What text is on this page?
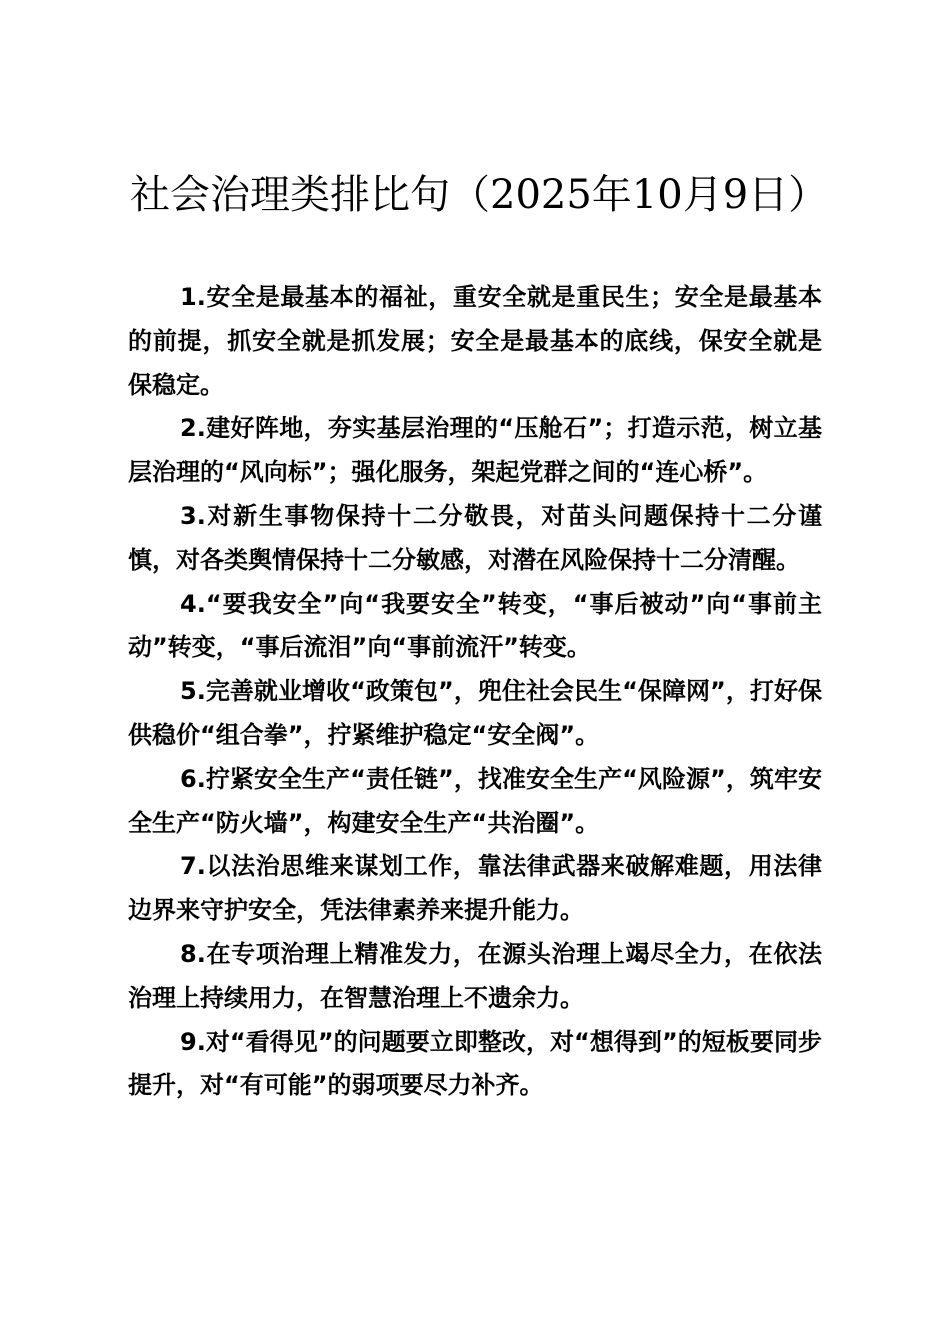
社会治理类排比句（2025年10月9日）

1.安全是最基本的福祉，重安全就是重民生；安全是最基本的前提，抓安全就是抓发展；安全是最基本的底线，保安全就是保稳定。

2.建好阵地，夯实基层治理的“压舱石”；打造示范，树立基层治理的“风向标”；强化服务，架起党群之间的“连心桥”。

3.对新生事物保持十二分敬畏，对苗头问题保持十二分谨慎，对各类舆情保持十二分敏感，对潜在风险保持十二分清醒。

4.“要我安全”向“我要安全”转变，“事后被动”向“事前主动”转变，“事后流泪”向“事前流汗”转变。

5.完善就业增收“政策包”，兜住社会民生“保障网”，打好保供稳价“组合拳”，拧紧维护稳定“安全阀”。

6.拧紧安全生产“责任链”，找准安全生产“风险源”，筑牢安全生产“防火墙”，构建安全生产“共治圈”。

7.以法治思维来谋划工作，靠法律武器来破解难题，用法律边界来守护安全，凭法律素养来提升能力。

8.在专项治理上精准发力，在源头治理上竭尽全力，在依法治理上持续用力，在智慧治理上不遗余力。

9.对“看得见”的问题要立即整改，对“想得到”的短板要同步提升，对“有可能”的弱项要尽力补齐。
